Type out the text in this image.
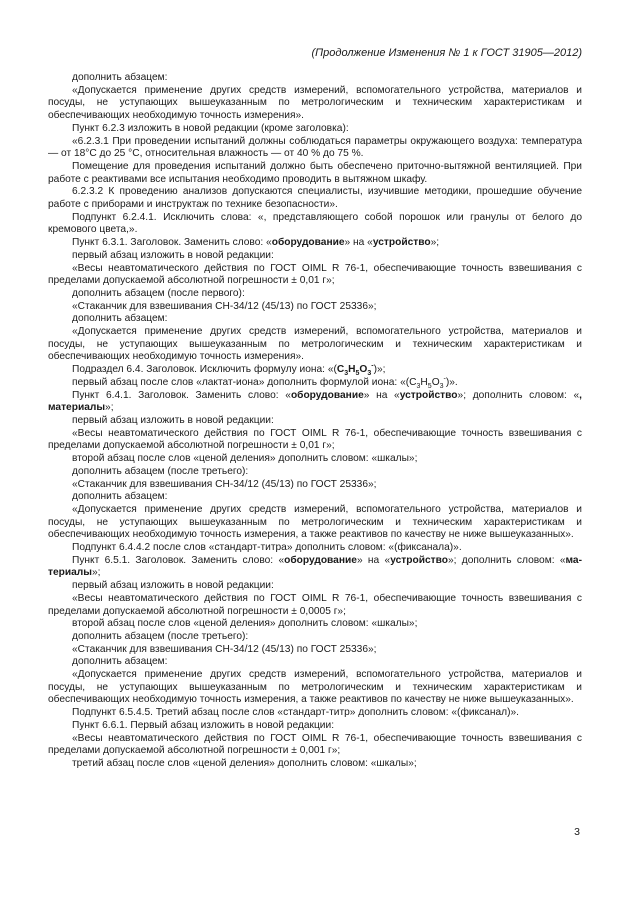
(Продолжение Изменения № 1 к ГОСТ 31905—2012)

дополнить абзацем:

«Допускается применение других средств измерений, вспомогательного устройства, материалов и посуды, не уступающих вышеуказанным по метрологическим и техническим характеристикам и обеспечивающих необходимую точность измерения».

Пункт 6.2.3 изложить в новой редакции (кроме заголовка):

«6.2.3.1 При проведении испытаний должны соблюдаться параметры окружающего воздуха: температура — от 18°С до 25 °С, относительная влажность — от 40 % до 75 %.

Помещение для проведения испытаний должно быть обеспечено приточно-вытяжной вентиляцией. При работе с реактивами все испытания необходимо проводить в вытяжном шкафу.

6.2.3.2 К проведению анализов допускаются специалисты, изучившие методики, прошедшие обучение работе с приборами и инструктаж по технике безопасности».

Подпункт 6.2.4.1. Исключить слова: «, представляющего собой порошок или гранулы от белого до кремового цвета,».

Пункт 6.3.1. Заголовок. Заменить слово: «оборудование» на «устройство»;

первый абзац изложить в новой редакции:

«Весы неавтоматического действия по ГОСТ OIML R 76-1, обеспечивающие точность взвешивания с пределами допускаемой абсолютной погрешности ± 0,01 г»;

дополнить абзацем (после первого):

«Стаканчик для взвешивания СН-34/12 (45/13) по ГОСТ 25336»;

дополнить абзацем:

«Допускается применение других средств измерений, вспомогательного устройства, материалов и посуды, не уступающих вышеуказанным по метрологическим и техническим характеристикам и обеспечивающих необходимую точность измерения».

Подраздел 6.4. Заголовок. Исключить формулу иона: «$(C_3H_5O_3^-)$»;

первый абзац после слов «лактат-иона» дополнить формулой иона: «$(C_3H_5O_3^-)$».

Пункт 6.4.1. Заголовок. Заменить слово: «оборудование» на «устройство»; дополнить словом: «, материалы»;

первый абзац изложить в новой редакции:

«Весы неавтоматического действия по ГОСТ OIML R 76-1, обеспечивающие точность взвешивания с пределами допускаемой абсолютной погрешности ± 0,01 г»;

второй абзац после слов «ценой деления» дополнить словом: «шкалы»;

дополнить абзацем (после третьего):

«Стаканчик для взвешивания СН-34/12 (45/13) по ГОСТ 25336»;

дополнить абзацем:

«Допускается применение других средств измерений, вспомогательного устройства, материалов и посуды, не уступающих вышеуказанным по метрологическим и техническим характеристикам и обеспечивающих необходимую точность измерения, а также реактивов по качеству не ниже вышеуказанных».

Подпункт 6.4.4.2 после слов «стандарт-титра» дополнить словом: «(фиксанала)».

Пункт 6.5.1. Заголовок. Заменить слово: «оборудование» на «устройство»; дополнить словом: «ма-

териалы»;

первый абзац изложить в новой редакции:

«Весы неавтоматического действия по ГОСТ OIML R 76-1, обеспечивающие точность взвешивания с пределами допускаемой абсолютной погрешности ± 0,0005 г»;

второй абзац после слов «ценой деления» дополнить словом: «шкалы»;

дополнить абзацем (после третьего):

«Стаканчик для взвешивания СН-34/12 (45/13) по ГОСТ 25336»;

дополнить абзацем:

«Допускается применение других средств измерений, вспомогательного устройства, материалов и посуды, не уступающих вышеуказанным по метрологическим и техническим характеристикам и обеспечивающих необходимую точность измерения, а также реактивов по качеству не ниже вышеуказанных».

Подпункт 6.5.4.5. Третий абзац после слов «стандарт-титр» дополнить словом: «(фиксанал)».

Пункт 6.6.1. Первый абзац изложить в новой редакции:

«Весы неавтоматического действия по ГОСТ OIML R 76-1, обеспечивающие точность взвешивания с пределами допускаемой абсолютной погрешности ± 0,001 г»;

третий абзац после слов «ценой деления» дополнить словом: «шкалы»;

3
